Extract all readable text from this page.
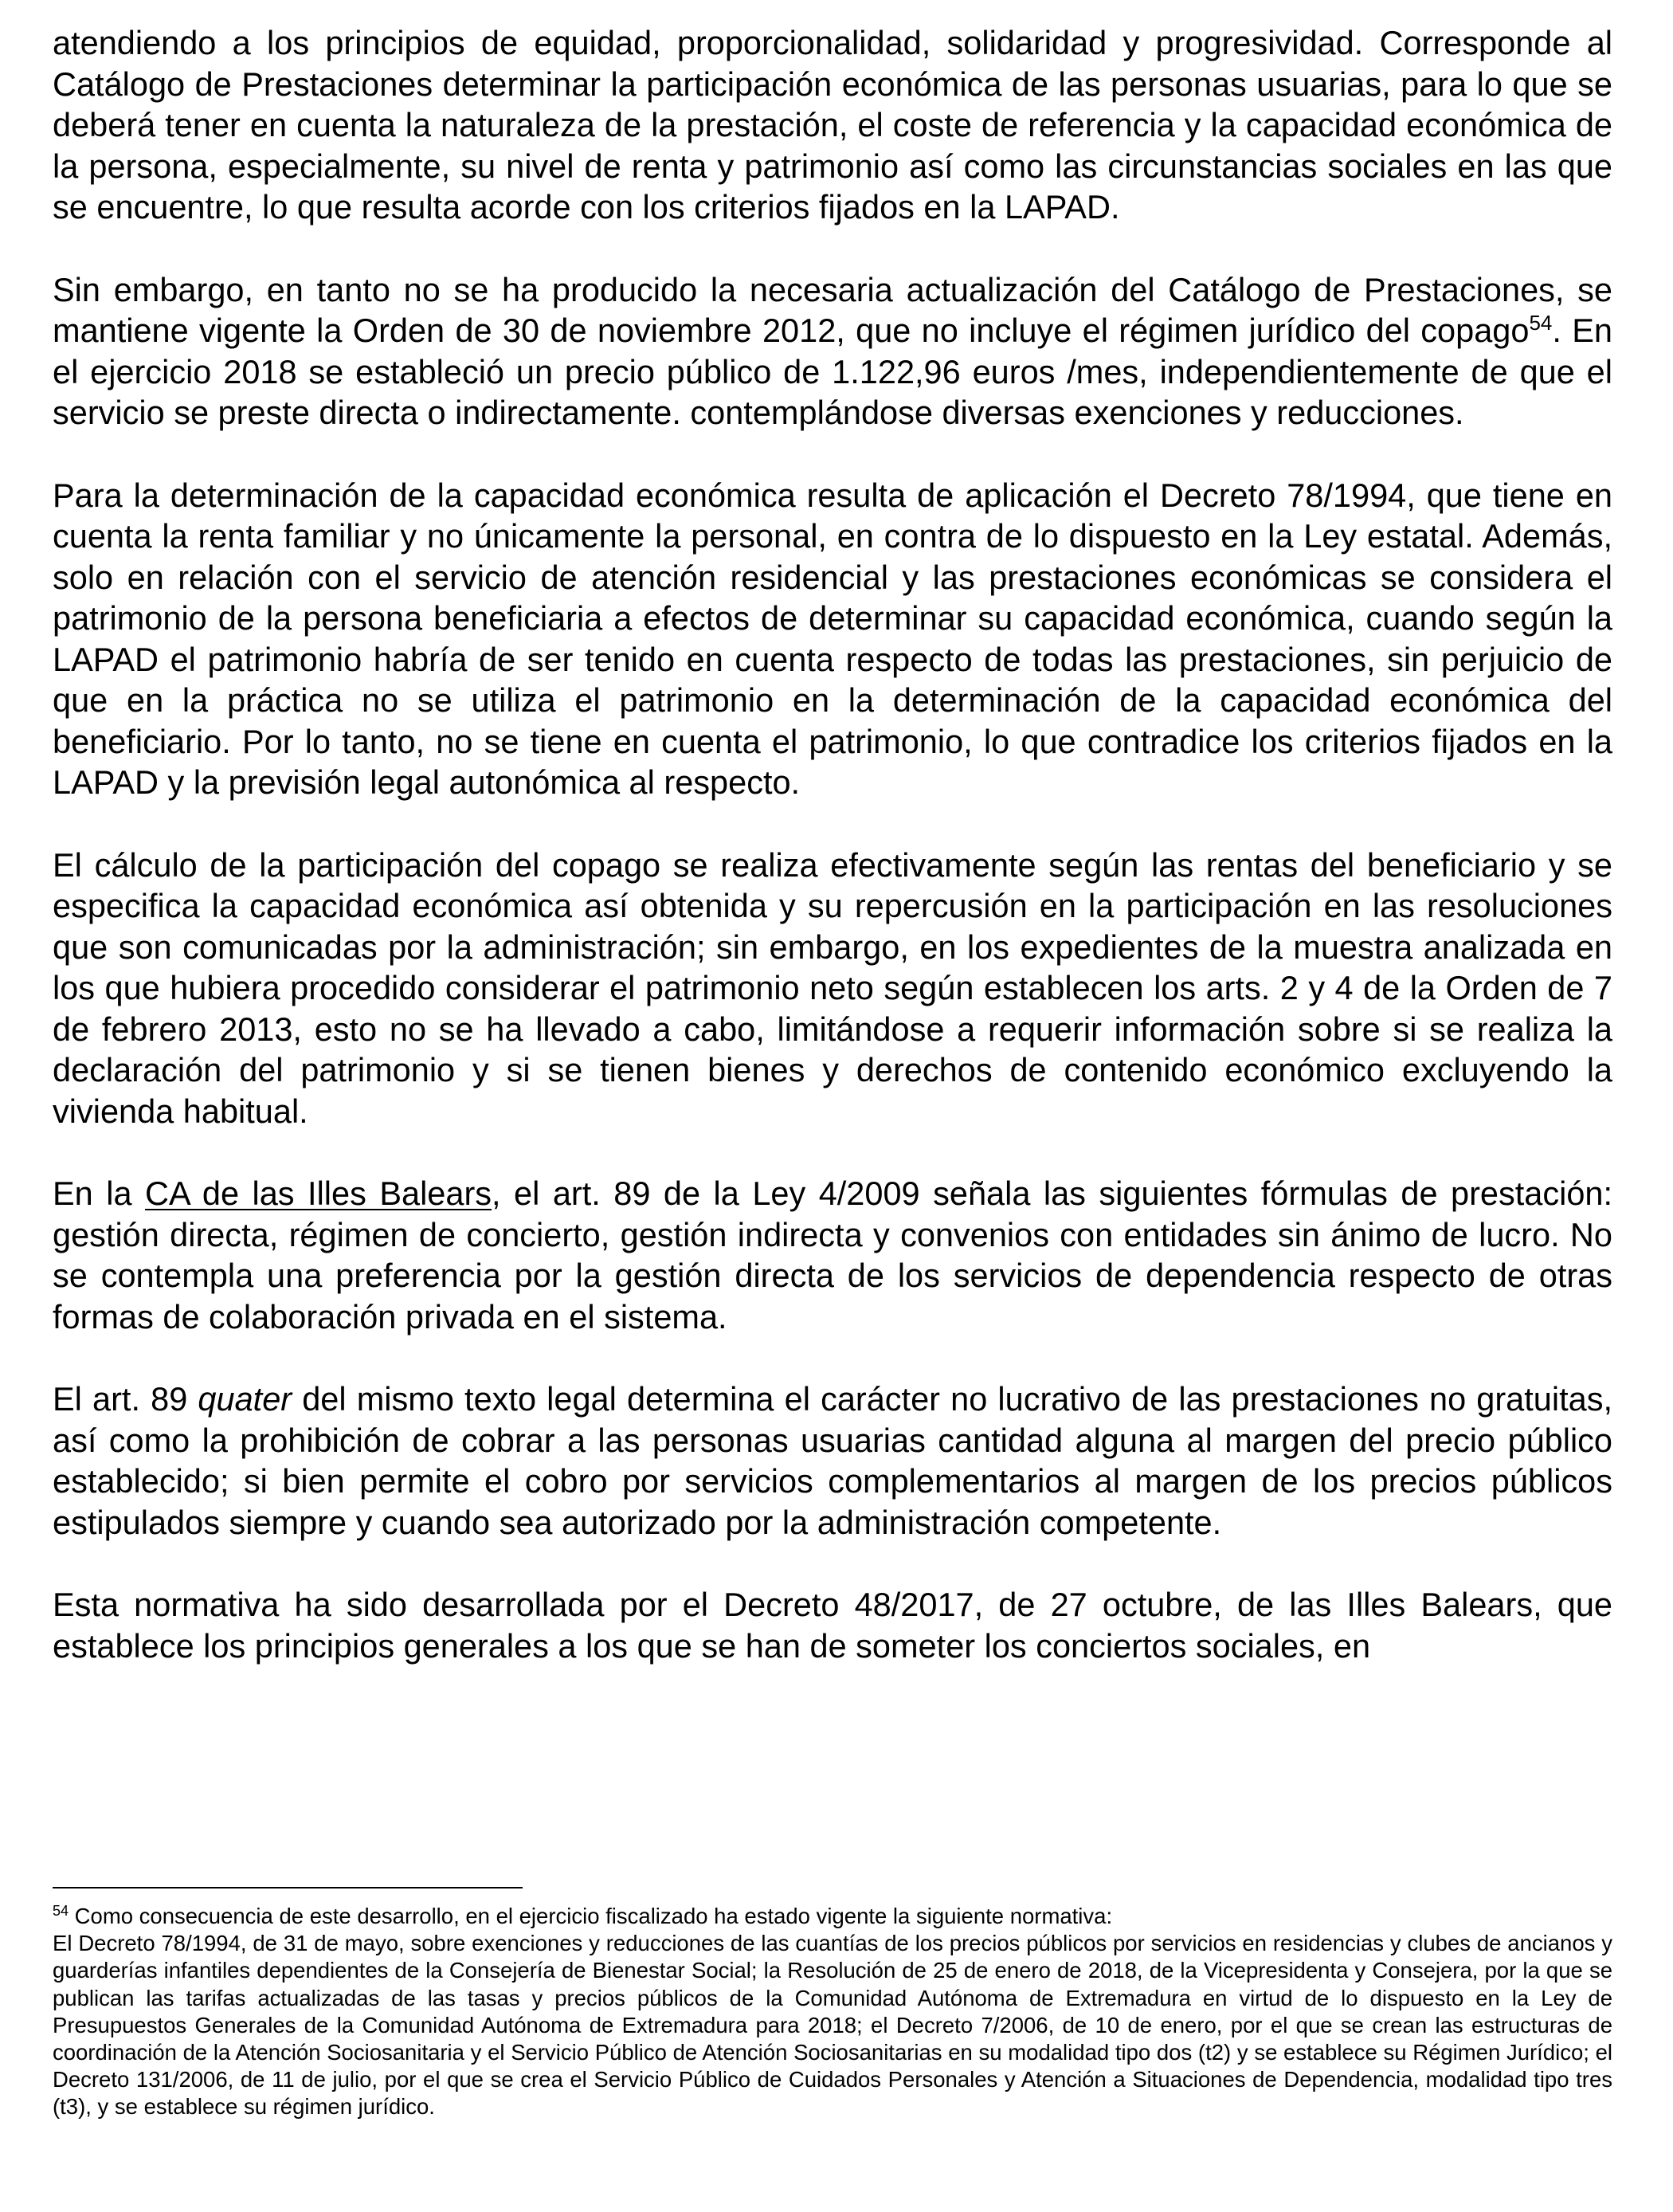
atendiendo a los principios de equidad, proporcionalidad, solidaridad y progresividad. Corresponde al Catálogo de Prestaciones determinar la participación económica de las personas usuarias, para lo que se deberá tener en cuenta la naturaleza de la prestación, el coste de referencia y la capacidad económica de la persona, especialmente, su nivel de renta y patrimonio así como las circunstancias sociales en las que se encuentre, lo que resulta acorde con los criterios fijados en la LAPAD.

Sin embargo, en tanto no se ha producido la necesaria actualización del Catálogo de Prestaciones, se mantiene vigente la Orden de 30 de noviembre 2012, que no incluye el régimen jurídico del copago$^{54}$. En el ejercicio 2018 se estableció un precio público de 1.122,96 euros /mes, independientemente de que el servicio se preste directa o indirectamente. contemplándose diversas exenciones y reducciones.

Para la determinación de la capacidad económica resulta de aplicación el Decreto 78/1994, que tiene en cuenta la renta familiar y no únicamente la personal, en contra de lo dispuesto en la Ley estatal. Además, solo en relación con el servicio de atención residencial y las prestaciones económicas se considera el patrimonio de la persona beneficiaria a efectos de determinar su capacidad económica, cuando según la LAPAD el patrimonio habría de ser tenido en cuenta respecto de todas las prestaciones, sin perjuicio de que en la práctica no se utiliza el patrimonio en la determinación de la capacidad económica del beneficiario. Por lo tanto, no se tiene en cuenta el patrimonio, lo que contradice los criterios fijados en la LAPAD y la previsión legal autonómica al respecto.

El cálculo de la participación del copago se realiza efectivamente según las rentas del beneficiario y se especifica la capacidad económica así obtenida y su repercusión en la participación en las resoluciones que son comunicadas por la administración; sin embargo, en los expedientes de la muestra analizada en los que hubiera procedido considerar el patrimonio neto según establecen los arts. 2 y 4 de la Orden de 7 de febrero 2013, esto no se ha llevado a cabo, limitándose a requerir información sobre si se realiza la declaración del patrimonio y si se tienen bienes y derechos de contenido económico excluyendo la vivienda habitual.

En la CA de las Illes Balears, el art. 89 de la Ley 4/2009 señala las siguientes fórmulas de prestación: gestión directa, régimen de concierto, gestión indirecta y convenios con entidades sin ánimo de lucro. No se contempla una preferencia por la gestión directa de los servicios de dependencia respecto de otras formas de colaboración privada en el sistema.

El art. 89 quater del mismo texto legal determina el carácter no lucrativo de las prestaciones no gratuitas, así como la prohibición de cobrar a las personas usuarias cantidad alguna al margen del precio público establecido; si bien permite el cobro por servicios complementarios al margen de los precios públicos estipulados siempre y cuando sea autorizado por la administración competente.

Esta normativa ha sido desarrollada por el Decreto 48/2017, de 27 octubre, de las Illes Balears, que establece los principios generales a los que se han de someter los conciertos sociales, en

$^{54}$ Como consecuencia de este desarrollo, en el ejercicio fiscalizado ha estado vigente la siguiente normativa:

El Decreto 78/1994, de 31 de mayo, sobre exenciones y reducciones de las cuantías de los precios públicos por servicios en residencias y clubes de ancianos y guarderías infantiles dependientes de la Consejería de Bienestar Social; la Resolución de 25 de enero de 2018, de la Vicepresidenta y Consejera, por la que se publican las tarifas actualizadas de las tasas y precios públicos de la Comunidad Autónoma de Extremadura en virtud de lo dispuesto en la Ley de Presupuestos Generales de la Comunidad Autónoma de Extremadura para 2018; el Decreto 7/2006, de 10 de enero, por el que se crean las estructuras de coordinación de la Atención Sociosanitaria y el Servicio Público de Atención Sociosanitarias en su modalidad tipo dos (t2) y se establece su Régimen Jurídico; el Decreto 131/2006, de 11 de julio, por el que se crea el Servicio Público de Cuidados Personales y Atención a Situaciones de Dependencia, modalidad tipo tres (t3), y se establece su régimen jurídico.
